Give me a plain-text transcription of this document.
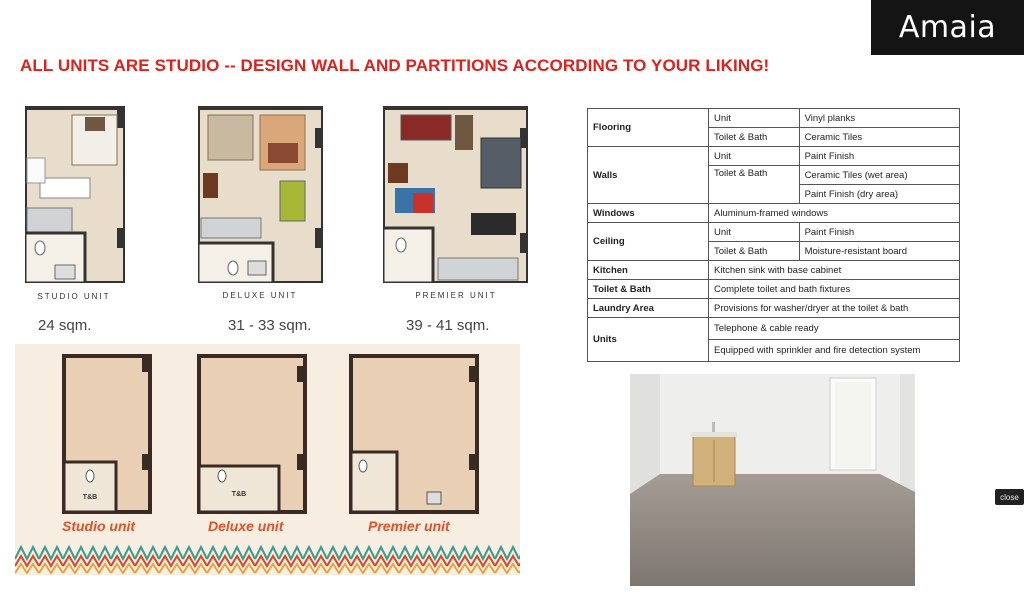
Amaia
ALL UNITS ARE STUDIO -- DESIGN WALL AND PARTITIONS ACCORDING TO YOUR LIKING!
STUDIO UNIT
24 sqm.
DELUXE UNIT
31 - 33 sqm.
PREMIER UNIT
39 - 41 sqm.
T&B	T&B
Studio unit	Deluxe unit	Premier unit
Flooring	Unit	Vinyl planks
	Toilet & Bath	Ceramic Tiles
Walls	Unit	Paint Finish
	Toilet & Bath	Ceramic Tiles (wet area)
		Paint Finish (dry area)
Windows	Aluminum-framed windows	
Ceiling	Unit	Paint Finish
	Toilet & Bath	Moisture-resistant board
Kitchen	Kitchen sink with base cabinet	
Toilet & Bath	Complete toilet and bath fixtures	
Laundry Area	Provisions for washer/dryer at the toilet & bath	
Units	Telephone & cable ready	
	Equipped with sprinkler and fire detection system	
close
